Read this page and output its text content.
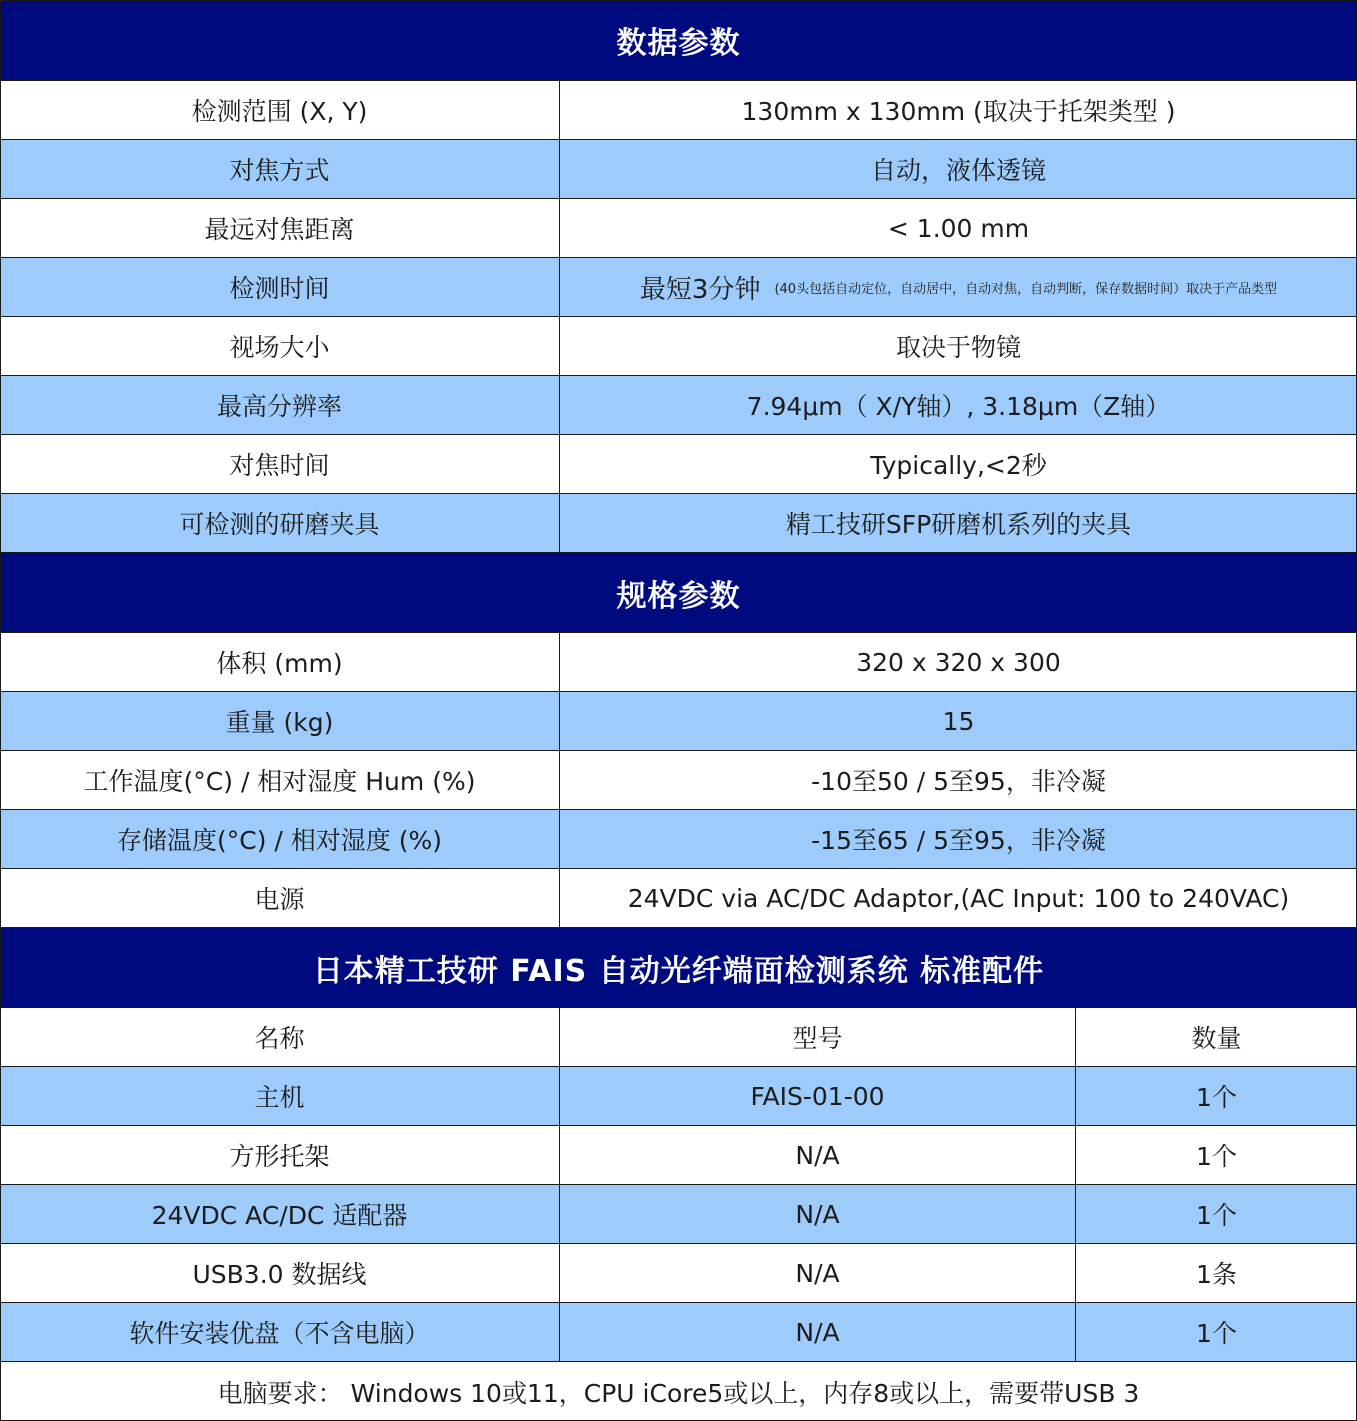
数据参数
检测范围 (X, Y)	130mm x 130mm (取决于托架类型 )
对焦方式	自动，液体透镜
最远对焦距离	< 1.00 mm
检测时间	最短3分钟 (40头包括自动定位，自动居中，自动对焦，自动判断，保存数据时间）取决于产品类型
视场大小	取决于物镜
最高分辨率	7.94μm（ X/Y轴）, 3.18μm（Z轴）
对焦时间	Typically,<2秒
可检测的研磨夹具	精工技研SFP研磨机系列的夹具
规格参数
体积 (mm)	320 x 320 x 300
重量 (kg)	15
工作温度(°C) / 相对湿度 Hum (%)	-10至50 / 5至95，非冷凝
存储温度(°C) / 相对湿度 (%)	-15至65 / 5至95，非冷凝
电源	24VDC via AC/DC Adaptor,(AC Input: 100 to 240VAC)
日本精工技研 FAIS 自动光纤端面检测系统 标准配件
名称	型号	数量
主机	FAIS-01-00	1个
方形托架	N/A	1个
24VDC AC/DC 适配器	N/A	1个
USB3.0 数据线	N/A	1条
软件安装优盘（不含电脑）	N/A	1个
电脑要求： Windows 10或11，CPU iCore5或以上，内存8或以上，需要带USB 3
